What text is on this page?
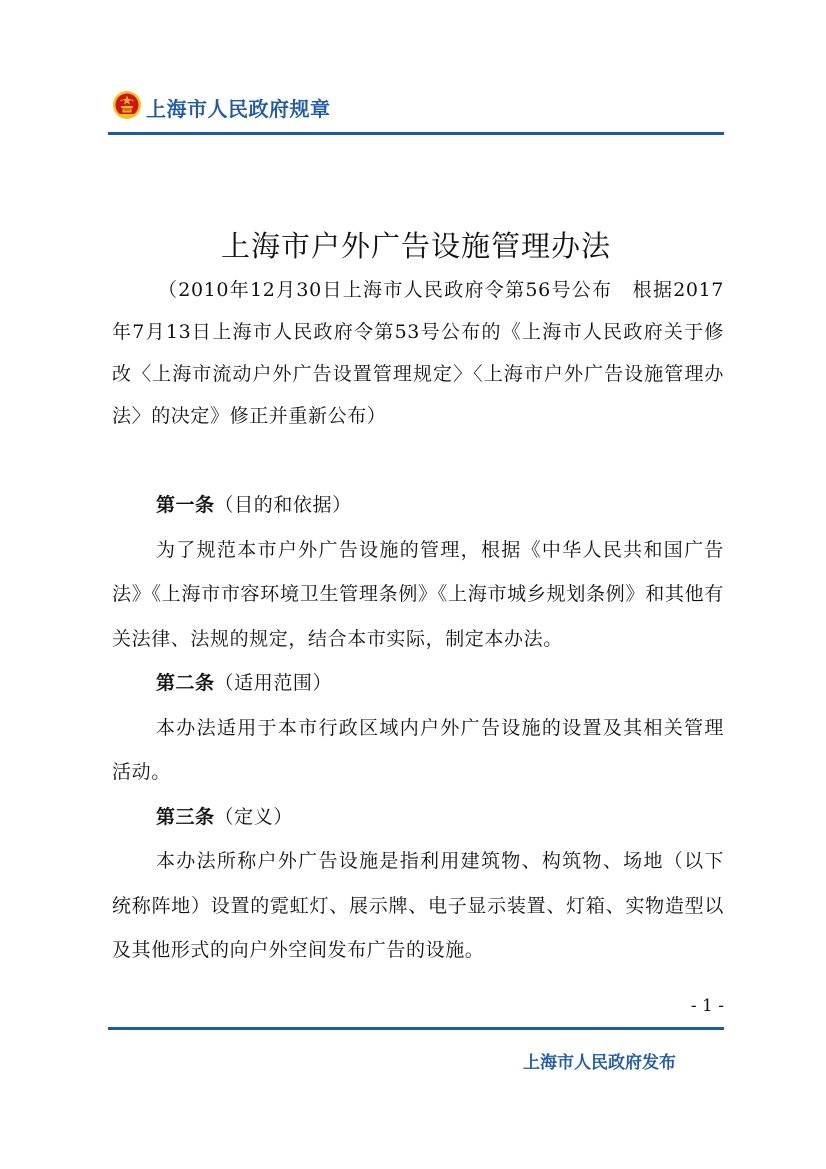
上海市人民政府规章
上海市户外广告设施管理办法
（2010年12月30日上海市人民政府令第56号公布　根据2017年7月13日上海市人民政府令第53号公布的《上海市人民政府关于修改〈上海市流动户外广告设置管理规定〉〈上海市户外广告设施管理办法〉的决定》修正并重新公布）

第一条（目的和依据）

为了规范本市户外广告设施的管理，根据《中华人民共和国广告法》《上海市市容环境卫生管理条例》《上海市城乡规划条例》和其他有关法律、法规的规定，结合本市实际，制定本办法。

第二条（适用范围）

本办法适用于本市行政区域内户外广告设施的设置及其相关管理活动。

第三条（定义）

本办法所称户外广告设施是指利用建筑物、构筑物、场地（以下统称阵地）设置的霓虹灯、展示牌、电子显示装置、灯箱、实物造型以及其他形式的向户外空间发布广告的设施。

- 1 -
上海市人民政府发布
